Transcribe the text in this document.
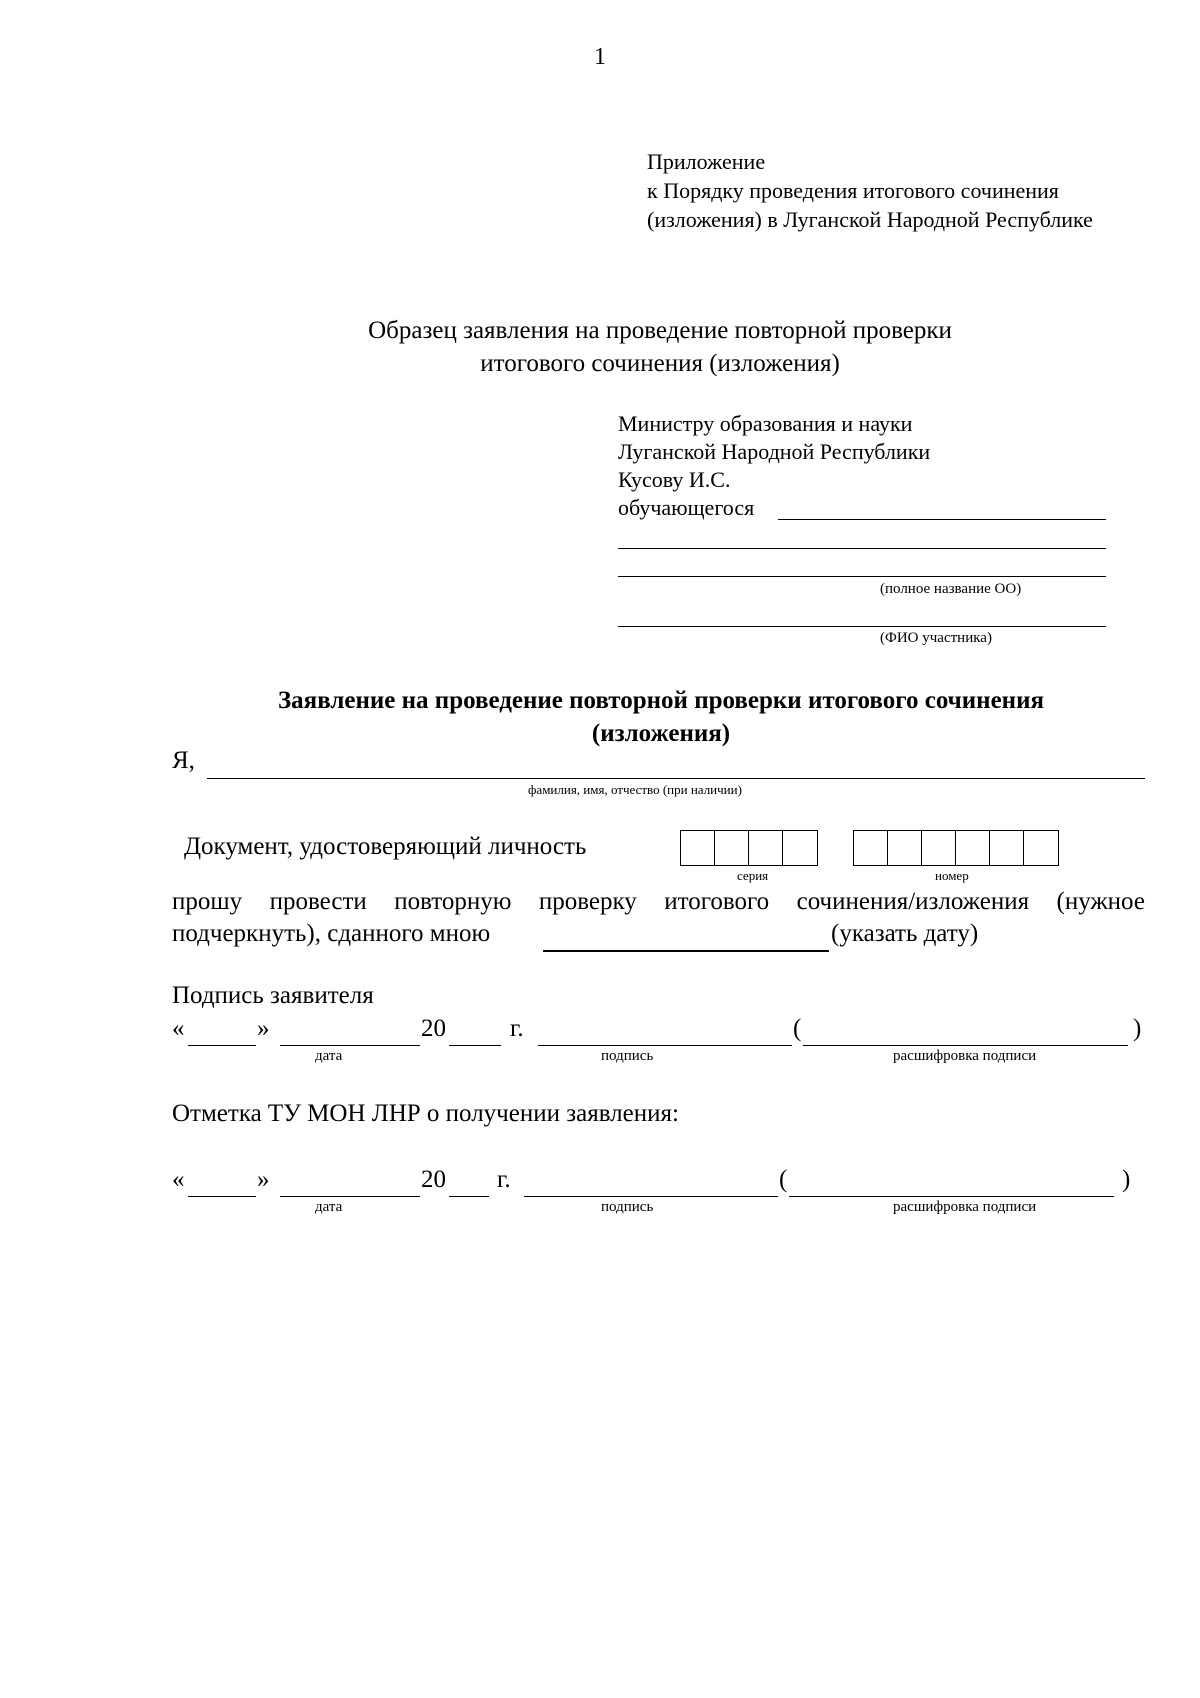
1
Приложение
к Порядку проведения итогового сочинения
(изложения) в Луганской Народной Республике
Образец заявления на проведение повторной проверки
итогового сочинения (изложения)
Министру образования и науки
Луганской Народной Республики
Кусову И.С.
обучающегося
(полное название ОО)
(ФИО участника)
Заявление на проведение повторной проверки итогового сочинения
(изложения)
Я,
фамилия, имя, отчество (при наличии)
Документ, удостоверяющий личность
серия	номер
прошу провести повторную проверку итогового сочинения/изложения (нужное
подчеркнуть), сданного мною	(указать дату)
Подпись заявителя
«	»	20	г.	(	)
дата	подпись	расшифровка подписи
Отметка ТУ МОН ЛНР о получении заявления:
«	»	20 г.	(	)
дата	подпись	расшифровка подписи
